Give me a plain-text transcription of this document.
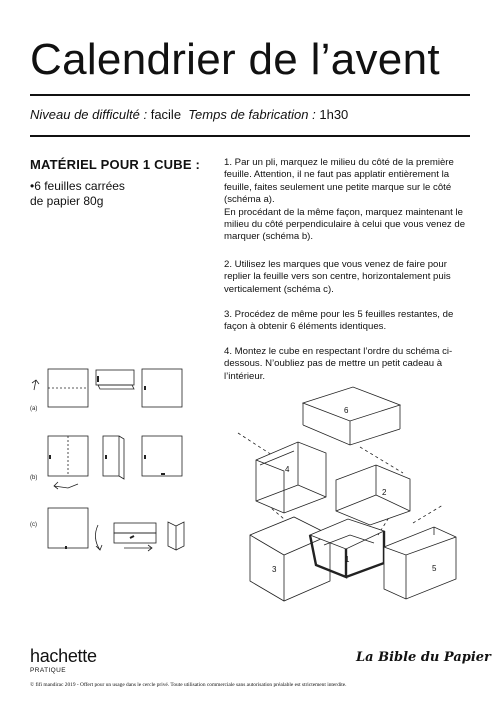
Calendrier de l’avent
Niveau de difficulté : facile Temps de fabrication : 1h30
MATÉRIEL POUR 1 CUBE :
•6 feuilles carrées
de papier 80g

1. Par un pli, marquez le milieu du côté de la première feuille. Attention, il ne faut pas applatir entièrement la feuille, faites seulement une petite marque sur le côté (schéma a).

En procédant de la même façon, marquez maintenant le milieu du côté perpendiculaire à celui que vous venez de marquer (schéma b).

2. Utilisez les marques que vous venez de faire pour replier la feuille vers son centre, horizontalement puis verticalement (schéma c).

3. Procédez de même pour les 5 feuilles restantes, de façon à obtenir 6 éléments identiques.

4. Montez le cube en respectant l’ordre du schéma ci-dessous. N’oubliez pas de mettre un petit cadeau à l’intérieur.

(a)
(b)
(c)
6
4
2
3
1
5
hachette
PRATIQUE
La Bible du Papier
© fifi mandirac 2019 - Offert pour un usage dans le cercle privé. Toute utilisation commerciale sans autorisation préalable est strictement interdite.
